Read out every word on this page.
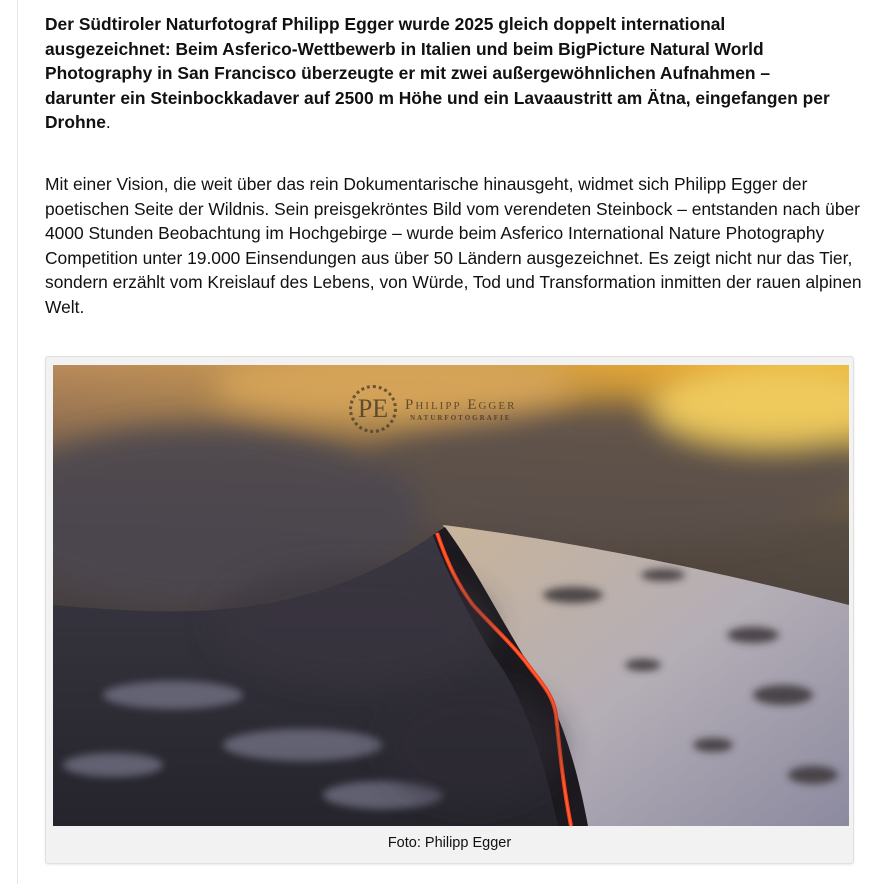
Der Südtiroler Naturfotograf Philipp Egger wurde 2025 gleich doppelt international ausgezeichnet: Beim Asferico-Wettbewerb in Italien und beim BigPicture Natural World Photography in San Francisco überzeugte er mit zwei außergewöhnlichen Aufnahmen – darunter ein Steinbockkadaver auf 2500 m Höhe und ein Lavaaustritt am Ätna, eingefangen per Drohne.

Mit einer Vision, die weit über das rein Dokumentarische hinausgeht, widmet sich Philipp Egger der poetischen Seite der Wildnis. Sein preisgekröntes Bild vom verendeten Steinbock – entstanden nach über 4000 Stunden Beobachtung im Hochgebirge – wurde beim Asferico International Nature Photography Competition unter 19.000 Einsendungen aus über 50 Ländern ausgezeichnet. Es zeigt nicht nur das Tier, sondern erzählt vom Kreislauf des Lebens, von Würde, Tod und Transformation inmitten der rauen alpinen Welt.

PE	Philipp Egger
NATURFOTOGRAFIE
Foto: Philipp Egger
